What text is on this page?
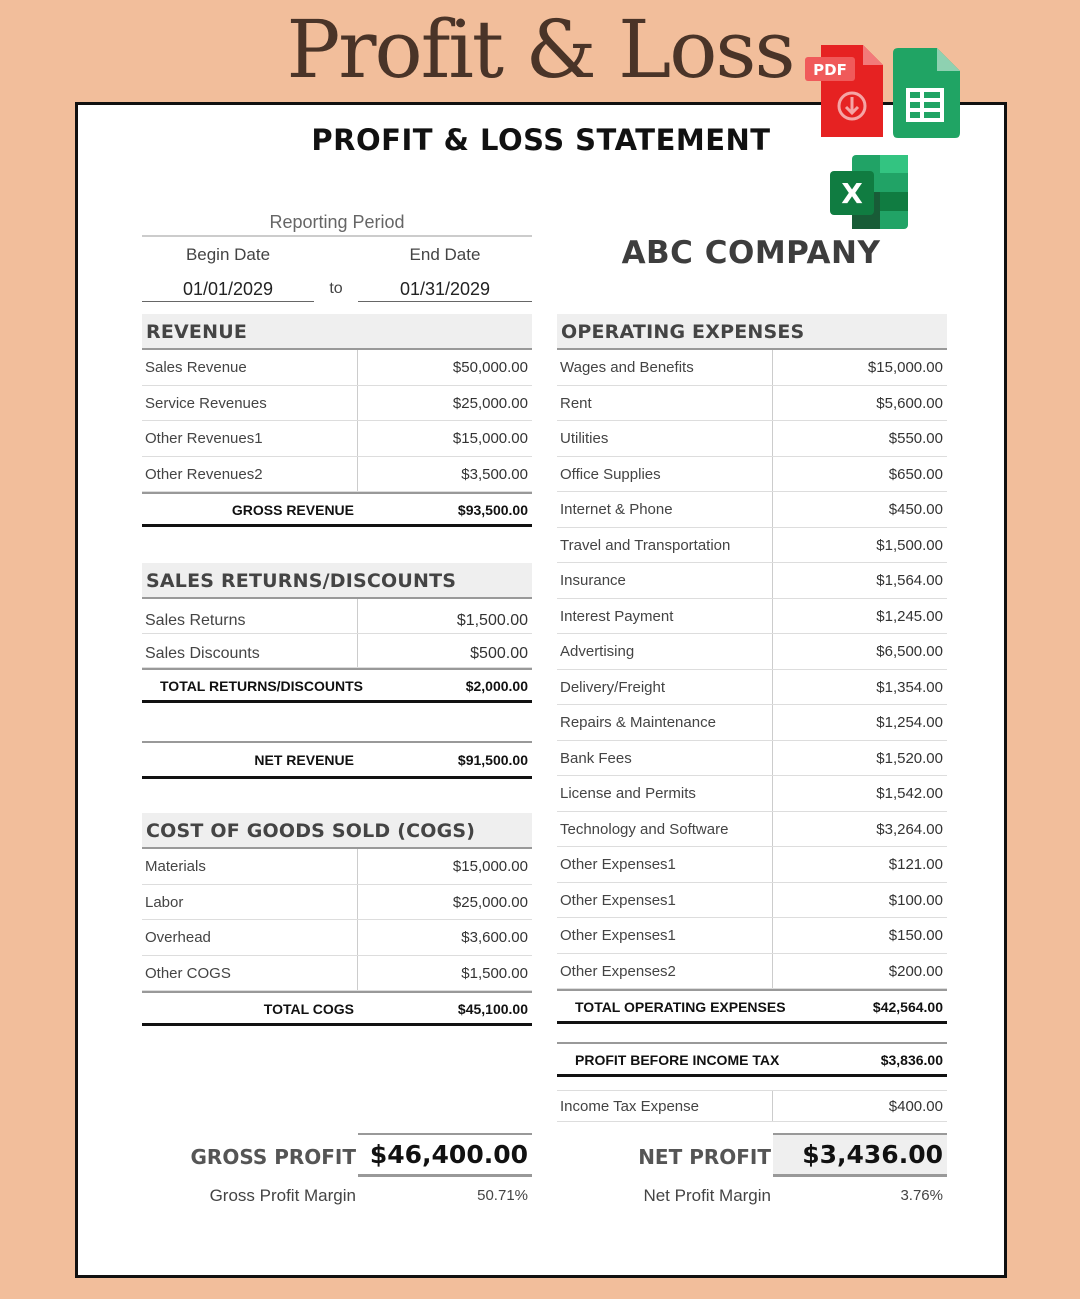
Profit & Loss	PDF
X
PROFIT & LOSS STATEMENT
Reporting Period
Begin Date	End Date
01/01/2029	to	01/31/2029
ABC COMPANY
REVENUE
Sales Revenue	$50,000.00
Service Revenues	$25,000.00
Other Revenues1	$15,000.00
Other Revenues2	$3,500.00
GROSS REVENUE	$93,500.00
SALES RETURNS/DISCOUNTS
Sales Returns	$1,500.00
Sales Discounts	$500.00
TOTAL RETURNS/DISCOUNTS	$2,000.00
NET REVENUE	$91,500.00
COST OF GOODS SOLD (COGS)
Materials	$15,000.00
Labor	$25,000.00
Overhead	$3,600.00
Other COGS	$1,500.00
TOTAL COGS	$45,100.00
OPERATING EXPENSES
Wages and Benefits	$15,000.00
Rent	$5,600.00
Utilities	$550.00
Office Supplies	$650.00
Internet & Phone	$450.00
Travel and Transportation	$1,500.00
Insurance	$1,564.00
Interest Payment	$1,245.00
Advertising	$6,500.00
Delivery/Freight	$1,354.00
Repairs & Maintenance	$1,254.00
Bank Fees	$1,520.00
License and Permits	$1,542.00
Technology and Software	$3,264.00
Other Expenses1	$121.00
Other Expenses1	$100.00
Other Expenses1	$150.00
Other Expenses2	$200.00
TOTAL OPERATING EXPENSES	$42,564.00
PROFIT BEFORE INCOME TAX	$3,836.00
Income Tax Expense	$400.00
GROSS PROFIT $46,400.00
Gross Profit Margin	50.71%
NET PROFIT	$3,436.00
Net Profit Margin	3.76%
